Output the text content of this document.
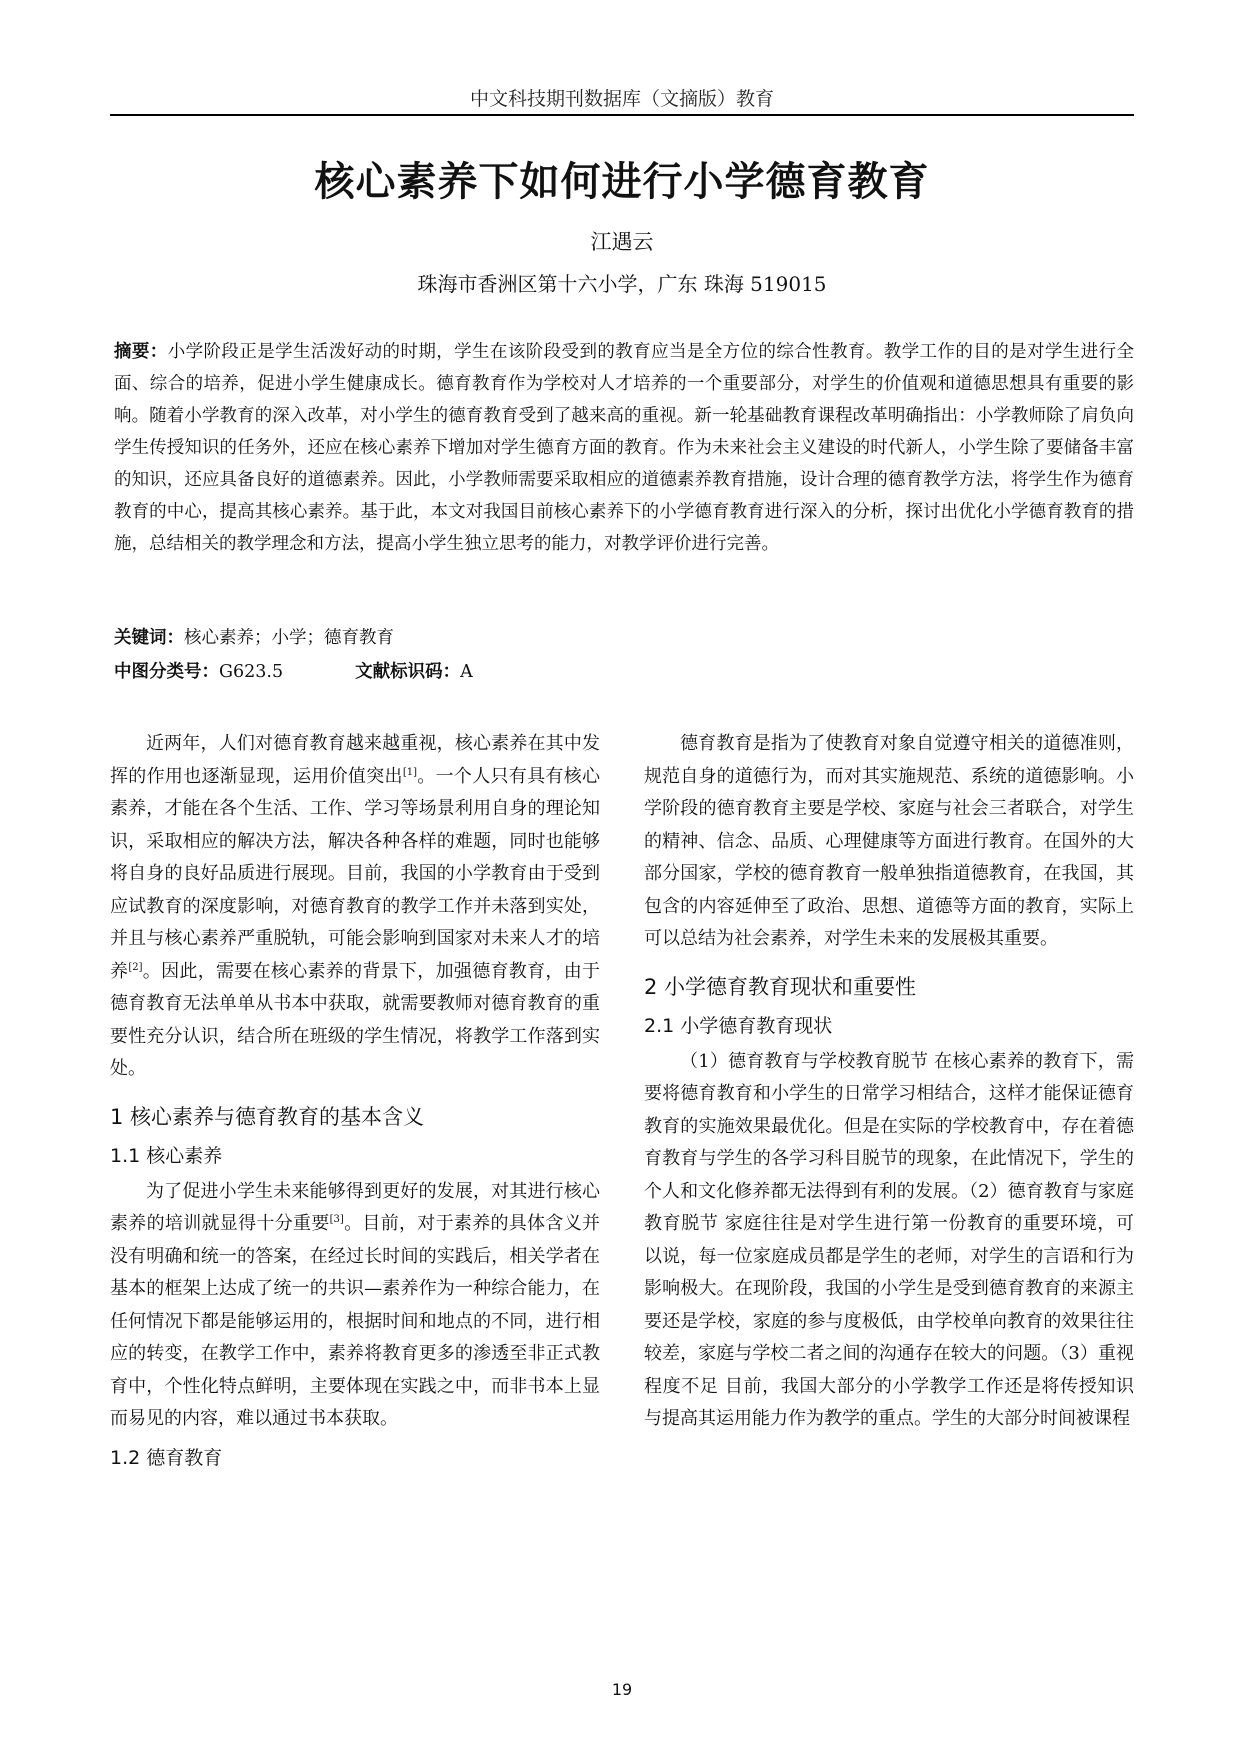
中文科技期刊数据库（文摘版）教育
核心素养下如何进行小学德育教育
江遇云
珠海市香洲区第十六小学，广东 珠海 519015
摘要：小学阶段正是学生活泼好动的时期，学生在该阶段受到的教育应当是全方位的综合性教育。教学工作的目的是对学生进行全面、综合的培养，促进小学生健康成长。德育教育作为学校对人才培养的一个重要部分，对学生的价值观和道德思想具有重要的影响。随着小学教育的深入改革，对小学生的德育教育受到了越来高的重视。新一轮基础教育课程改革明确指出：小学教师除了肩负向学生传授知识的任务外，还应在核心素养下增加对学生德育方面的教育。作为未来社会主义建设的时代新人，小学生除了要储备丰富的知识，还应具备良好的道德素养。因此，小学教师需要采取相应的道德素养教育措施，设计合理的德育教学方法，将学生作为德育教育的中心，提高其核心素养。基于此，本文对我国目前核心素养下的小学德育教育进行深入的分析，探讨出优化小学德育教育的措施，总结相关的教学理念和方法，提高小学生独立思考的能力，对教学评价进行完善。
关键词：核心素养；小学；德育教育
中图分类号：G623.5	文献标识码：A

近两年，人们对德育教育越来越重视，核心素养在其中发挥的作用也逐渐显现，运用价值突出[1]。一个人只有具有核心素养，才能在各个生活、工作、学习等场景利用自身的理论知识，采取相应的解决方法，解决各种各样的难题，同时也能够将自身的良好品质进行展现。目前，我国的小学教育由于受到应试教育的深度影响，对德育教育的教学工作并未落到实处，并且与核心素养严重脱轨，可能会影响到国家对未来人才的培养[2]。因此，需要在核心素养的背景下，加强德育教育，由于德育教育无法单单从书本中获取，就需要教师对德育教育的重要性充分认识，结合所在班级的学生情况，将教学工作落到实处。

1 核心素养与德育教育的基本含义
1.1 核心素养

为了促进小学生未来能够得到更好的发展，对其进行核心素养的培训就显得十分重要[3]。目前，对于素养的具体含义并没有明确和统一的答案，在经过长时间的实践后，相关学者在基本的框架上达成了统一的共识—素养作为一种综合能力，在任何情况下都是能够运用的，根据时间和地点的不同，进行相应的转变，在教学工作中，素养将教育更多的渗透至非正式教育中，个性化特点鲜明，主要体现在实践之中，而非书本上显而易见的内容，难以通过书本获取。

1.2 德育教育

德育教育是指为了使教育对象自觉遵守相关的道德准则，规范自身的道德行为，而对其实施规范、系统的道德影响。小学阶段的德育教育主要是学校、家庭与社会三者联合，对学生的精神、信念、品质、心理健康等方面进行教育。在国外的大部分国家，学校的德育教育一般单独指道德教育，在我国，其包含的内容延伸至了政治、思想、道德等方面的教育，实际上可以总结为社会素养，对学生未来的发展极其重要。

2 小学德育教育现状和重要性
2.1 小学德育教育现状

（1）德育教育与学校教育脱节 在核心素养的教育下，需要将德育教育和小学生的日常学习相结合，这样才能保证德育教育的实施效果最优化。但是在实际的学校教育中，存在着德育教育与学生的各学习科目脱节的现象，在此情况下，学生的个人和文化修养都无法得到有利的发展。（2）德育教育与家庭教育脱节 家庭往往是对学生进行第一份教育的重要环境，可以说，每一位家庭成员都是学生的老师，对学生的言语和行为影响极大。在现阶段，我国的小学生是受到德育教育的来源主要还是学校，家庭的参与度极低，由学校单向教育的效果往往较差，家庭与学校二者之间的沟通存在较大的问题。（3）重视程度不足 目前，我国大部分的小学教学工作还是将传授知识与提高其运用能力作为教学的重点。学生的大部分时间被课程

19
